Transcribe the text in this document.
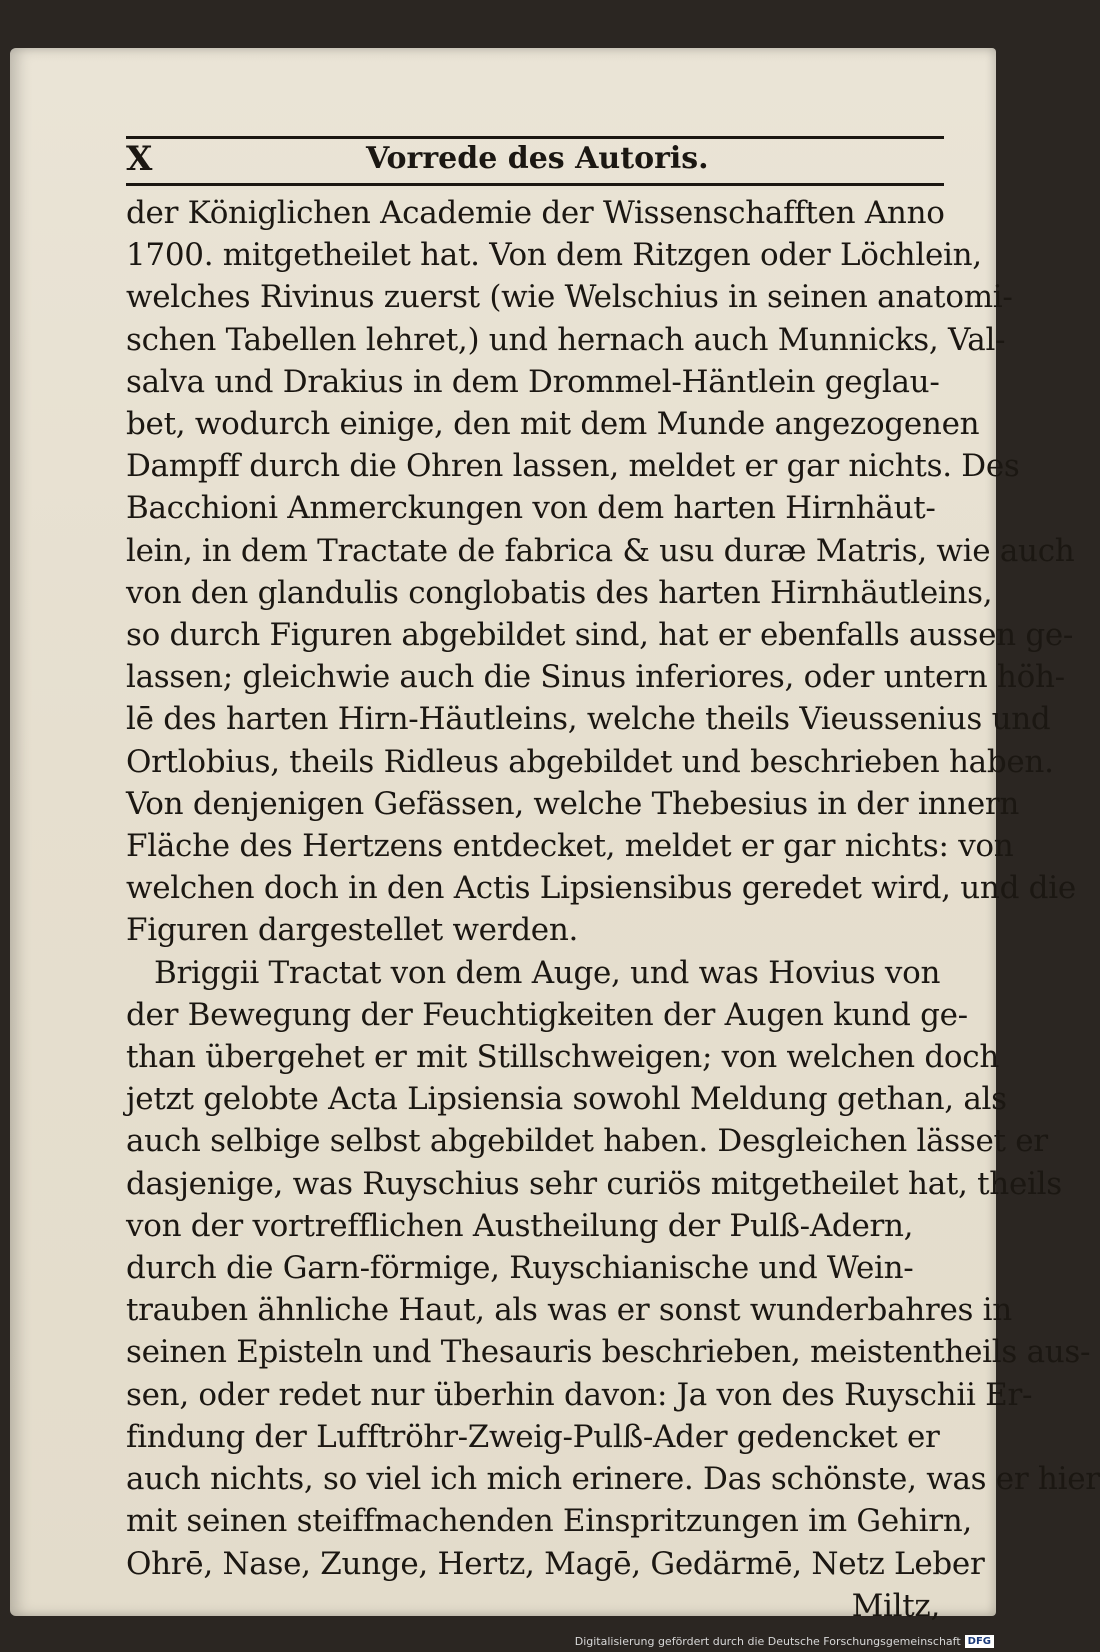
X	Vorrede des Autoris.
der Königlichen Academie der Wissenschafften Anno
1700. mitgetheilet hat. Von dem Ritzgen oder Löchlein,
welches Rivinus zuerst (wie Welschius in seinen anatomi-
schen Tabellen lehret,) und hernach auch Munnicks, Val-
salva und Drakius in dem Drommel-Häntlein geglau-
bet, wodurch einige, den mit dem Munde angezogenen
Dampff durch die Ohren lassen, meldet er gar nichts. Des
Bacchioni Anmerckungen von dem harten Hirnhäut-
lein, in dem Tractate de fabrica & usu duræ Matris, wie auch
von den glandulis conglobatis des harten Hirnhäutleins,
so durch Figuren abgebildet sind, hat er ebenfalls aussen ge-
lassen; gleichwie auch die Sinus inferiores, oder untern höh-
lē des harten Hirn-Häutleins, welche theils Vieussenius und
Ortlobius, theils Ridleus abgebildet und beschrieben haben.
Von denjenigen Gefässen, welche Thebesius in der innern
Fläche des Hertzens entdecket, meldet er gar nichts: von
welchen doch in den Actis Lipsiensibus geredet wird, und die
Figuren dargestellet werden.
Briggii Tractat von dem Auge, und was Hovius von
der Bewegung der Feuchtigkeiten der Augen kund ge-
than übergehet er mit Stillschweigen; von welchen doch
jetzt gelobte Acta Lipsiensia sowohl Meldung gethan, als
auch selbige selbst abgebildet haben. Desgleichen lässet er
dasjenige, was Ruyschius sehr curiös mitgetheilet hat, theils
von der vortrefflichen Austheilung der Pulß-Adern,
durch die Garn-förmige, Ruyschianische und Wein-
trauben ähnliche Haut, als was er sonst wunderbahres in
seinen Episteln und Thesauris beschrieben, meistentheils aus-
sen, oder redet nur überhin davon: Ja von des Ruyschii Er-
findung der Lufftröhr-Zweig-Pulß-Ader gedencket er
auch nichts, so viel ich mich erinere. Das schönste, was er hier
mit seinen steiffmachenden Einspritzungen im Gehirn,
Ohrē, Nase, Zunge, Hertz, Magē, Gedärmē, Netz Leber
Miltz,
Digitalisierung gefördert durch die Deutsche Forschungsgemeinschaft DFG
